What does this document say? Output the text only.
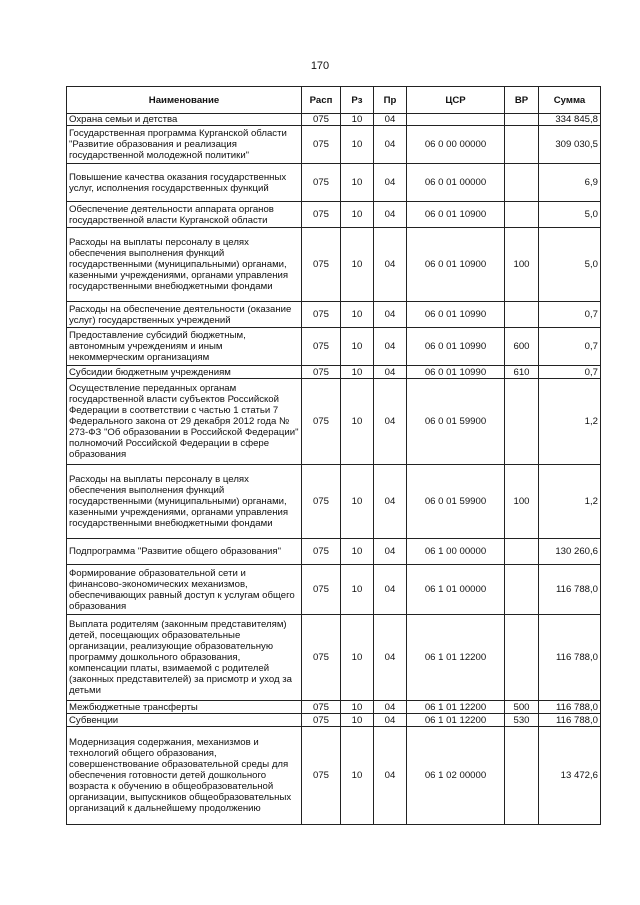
170
Наименование	Расп	Рз	Пр	ЦСР	ВР	Сумма
Охрана семьи и детства	075	10	04			334 845,8
Государственная программа Курганской области "Развитие образования и реализация государственной молодежной политики"	075	10	04	06 0 00 00000		309 030,5
Повышение качества оказания государственных услуг, исполнения государственных функций	075	10	04	06 0 01 00000		6,9
Обеспечение деятельности аппарата органов государственной власти Курганской области	075	10	04	06 0 01 10900		5,0
Расходы на выплаты персоналу в целях обеспечения выполнения функций государственными (муниципальными) органами, казенными учреждениями, органами управления государственными внебюджетными фондами	075	10	04	06 0 01 10900	100	5,0
Расходы на обеспечение деятельности (оказание услуг) государственных учреждений	075	10	04	06 0 01 10990		0,7
Предоставление субсидий бюджетным, автономным учреждениям и иным некоммерческим организациям	075	10	04	06 0 01 10990	600	0,7
Субсидии бюджетным учреждениям	075	10	04	06 0 01 10990	610	0,7
Осуществление переданных органам государственной власти субъектов Российской Федерации в соответствии с частью 1 статьи 7 Федерального закона от 29 декабря 2012 года № 273-ФЗ "Об образовании в Российской Федерации" полномочий Российской Федерации в сфере образования	075	10	04	06 0 01 59900		1,2
Расходы на выплаты персоналу в целях обеспечения выполнения функций государственными (муниципальными) органами, казенными учреждениями, органами управления государственными внебюджетными фондами	075	10	04	06 0 01 59900	100	1,2
Подпрограмма "Развитие общего образования"	075	10	04	06 1 00 00000		130 260,6
Формирование образовательной сети и финансово-экономических механизмов, обеспечивающих равный доступ к услугам общего образования	075	10	04	06 1 01 00000		116 788,0
Выплата родителям (законным представителям) детей, посещающих образовательные организации, реализующие образовательную программу дошкольного образования, компенсации платы, взимаемой с родителей (законных представителей) за присмотр и уход за детьми	075	10	04	06 1 01 12200		116 788,0
Межбюджетные трансферты	075	10	04	06 1 01 12200	500	116 788,0
Субвенции	075	10	04	06 1 01 12200	530	116 788,0
Модернизация содержания, механизмов и технологий общего образования, совершенствование образовательной среды для обеспечения готовности детей дошкольного возраста к обучению в общеобразовательной организации, выпускников общеобразовательных организаций к дальнейшему продолжению	075	10	04	06 1 02 00000		13 472,6
